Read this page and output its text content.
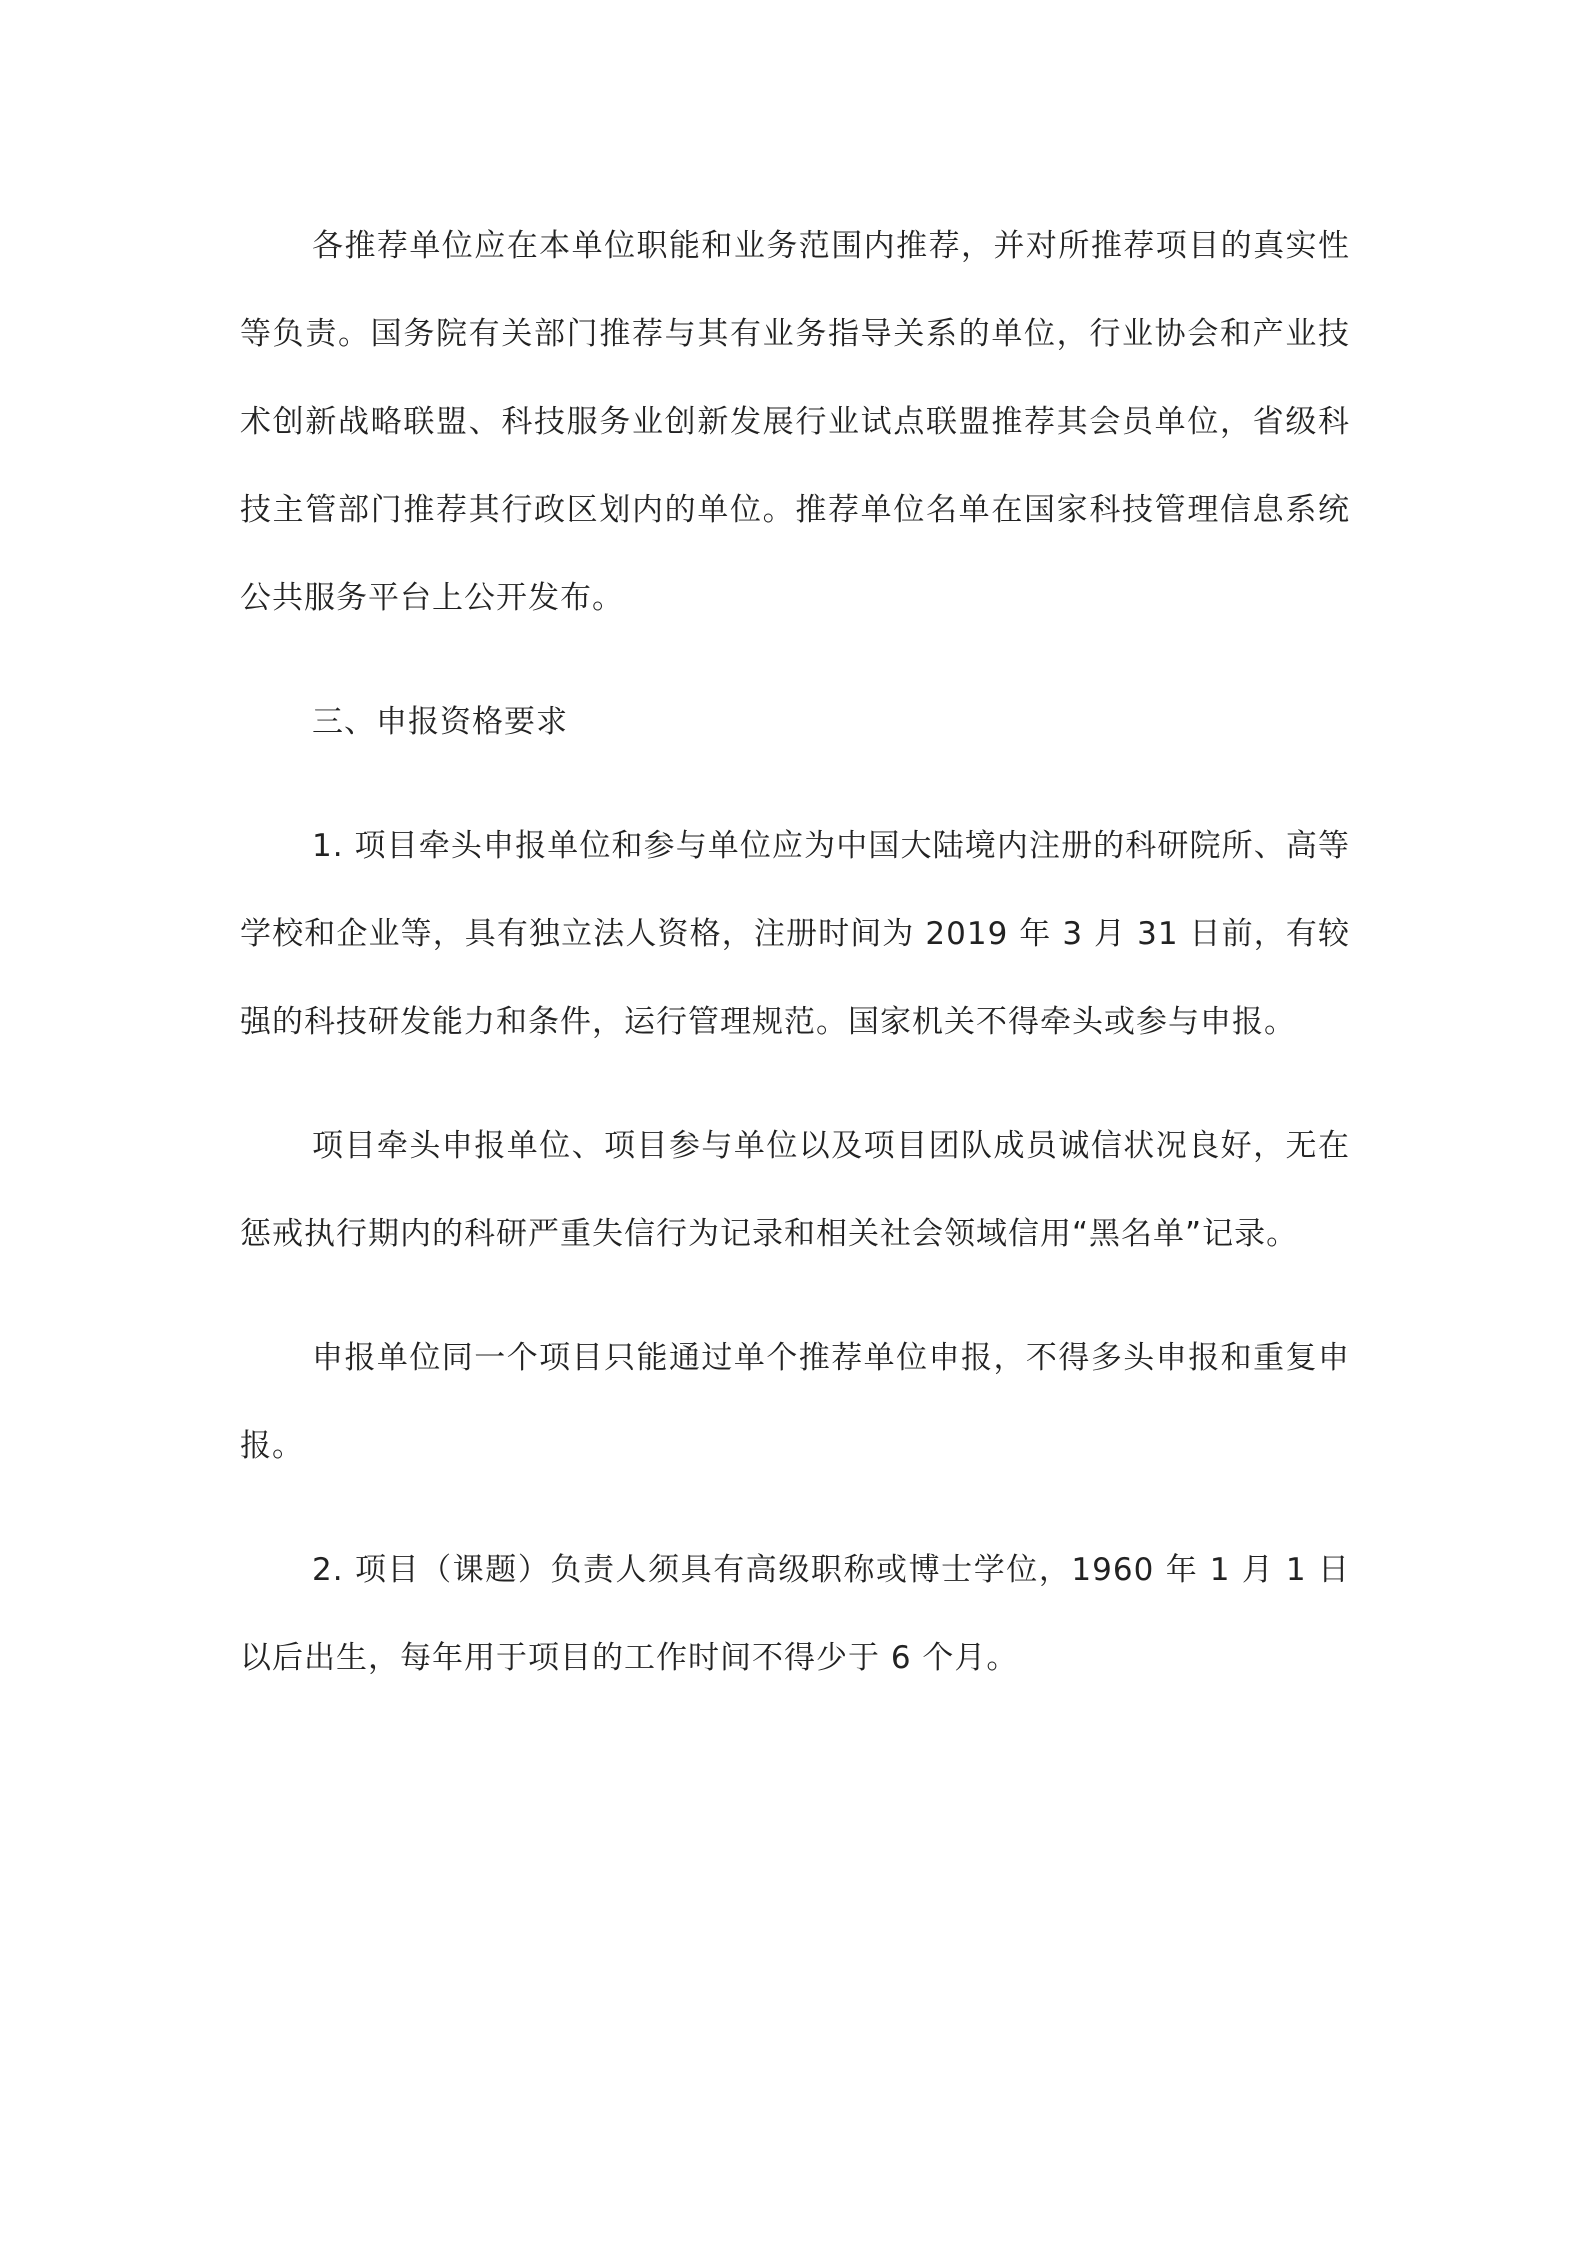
各推荐单位应在本单位职能和业务范围内推荐，并对所推荐项目的真实性等负责。国务院有关部门推荐与其有业务指导关系的单位，行业协会和产业技术创新战略联盟、科技服务业创新发展行业试点联盟推荐其会员单位，省级科技主管部门推荐其行政区划内的单位。推荐单位名单在国家科技管理信息系统公共服务平台上公开发布。

三、申报资格要求

1. 项目牵头申报单位和参与单位应为中国大陆境内注册的科研院所、高等学校和企业等，具有独立法人资格，注册时间为 2019 年 3 月 31 日前，有较强的科技研发能力和条件，运行管理规范。国家机关不得牵头或参与申报。

项目牵头申报单位、项目参与单位以及项目团队成员诚信状况良好，无在惩戒执行期内的科研严重失信行为记录和相关社会领域信用“黑名单”记录。

申报单位同一个项目只能通过单个推荐单位申报，不得多头申报和重复申报。

2. 项目（课题）负责人须具有高级职称或博士学位，1960 年 1 月 1 日以后出生，每年用于项目的工作时间不得少于 6 个月。
